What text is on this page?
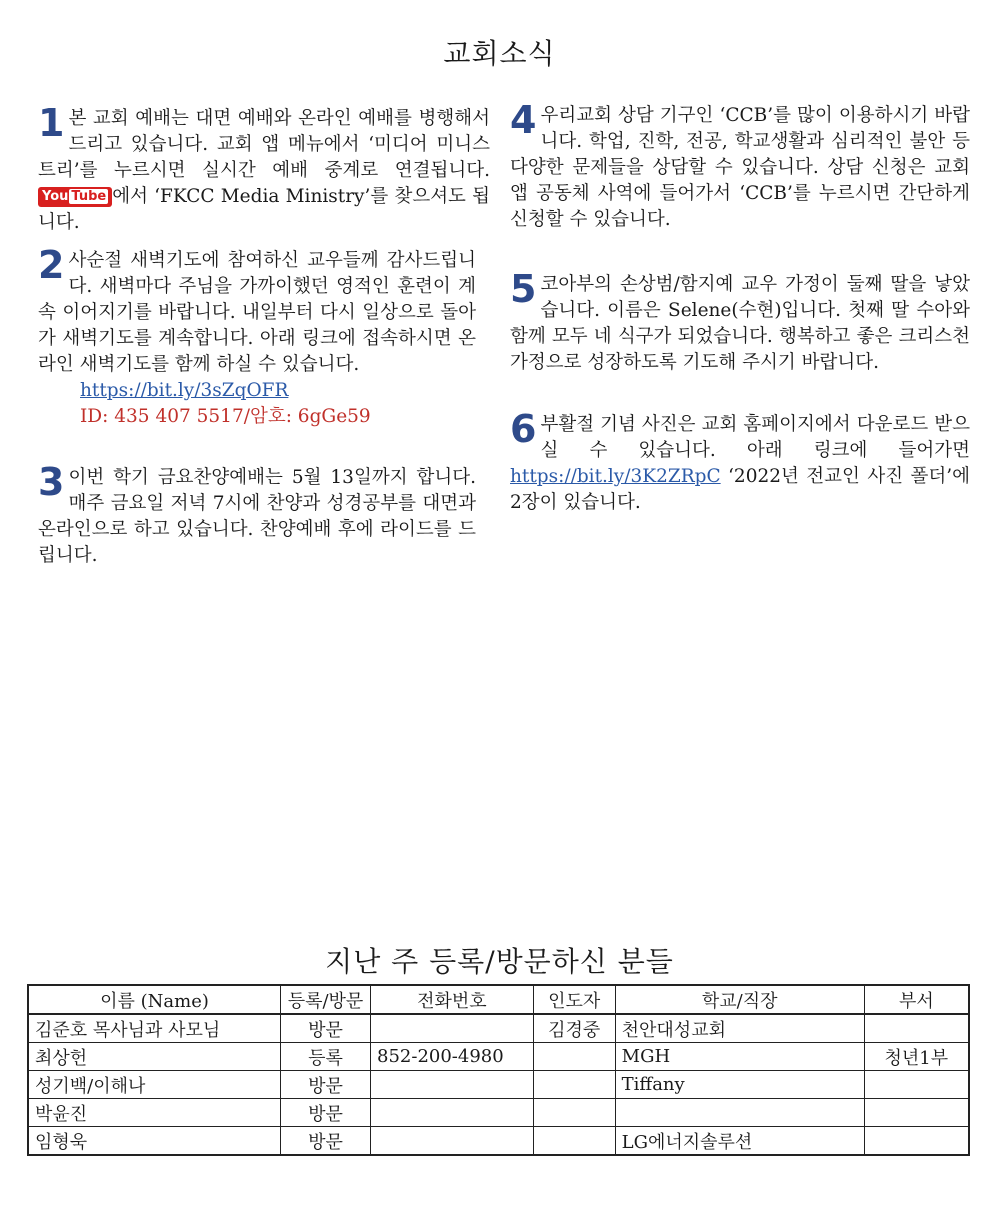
교회소식
1 본 교회 예배는 대면 예배와 온라인 예배를 병행해서 드리고 있습니다. 교회 앱 메뉴에서 ‘미디어 미니스트리’를 누르시면 실시간 예배 중계로 연결됩니다. You Tube 에서 ‘FKCC Media Ministry’를 찾으셔도 됩니다.
2 사순절 새벽기도에 참여하신 교우들께 감사드립니다. 새벽마다 주님을 가까이했던 영적인 훈련이 계속 이어지기를 바랍니다. 내일부터 다시 일상으로 돌아가 새벽기도를 계속합니다. 아래 링크에 접속하시면 온라인 새벽기도를 함께 하실 수 있습니다.
https://bit.ly/3sZqOFR
ID: 435 407 5517/암호: 6gGe59
3 이번 학기 금요찬양예배는 5월 13일까지 합니다. 매주 금요일 저녁 7시에 찬양과 성경공부를 대면과 온라인으로 하고 있습니다. 찬양예배 후에 라이드를 드립니다.
4 우리교회 상담 기구인 ‘CCB’를 많이 이용하시기 바랍니다. 학업, 진학, 전공, 학교생활과 심리적인 불안 등 다양한 문제들을 상담할 수 있습니다. 상담 신청은 교회 앱 공동체 사역에 들어가서 ‘CCB’를 누르시면 간단하게 신청할 수 있습니다.
5 코아부의 손상범/함지예 교우 가정이 둘째 딸을 낳았습니다. 이름은 Selene(수현)입니다. 첫째 딸 수아와 함께 모두 네 식구가 되었습니다. 행복하고 좋은 크리스천 가정으로 성장하도록 기도해 주시기 바랍니다.
6 부활절 기념 사진은 교회 홈페이지에서 다운로드 받으실 수 있습니다. 아래 링크에 들어가면 https://bit.ly/3K2ZRpC ‘2022년 전교인 사진 폴더’에 2장이 있습니다.
지난 주 등록/방문하신 분들
이름 (Name)	등록/방문	전화번호	인도자	학교/직장	부서
김준호 목사님과 사모님	방문		김경중	천안대성교회	
최상헌	등록	852-200-4980		MGH	청년1부
성기백/이해나	방문			Tiffany	
박윤진	방문				
임형욱	방문			LG에너지솔루션	
